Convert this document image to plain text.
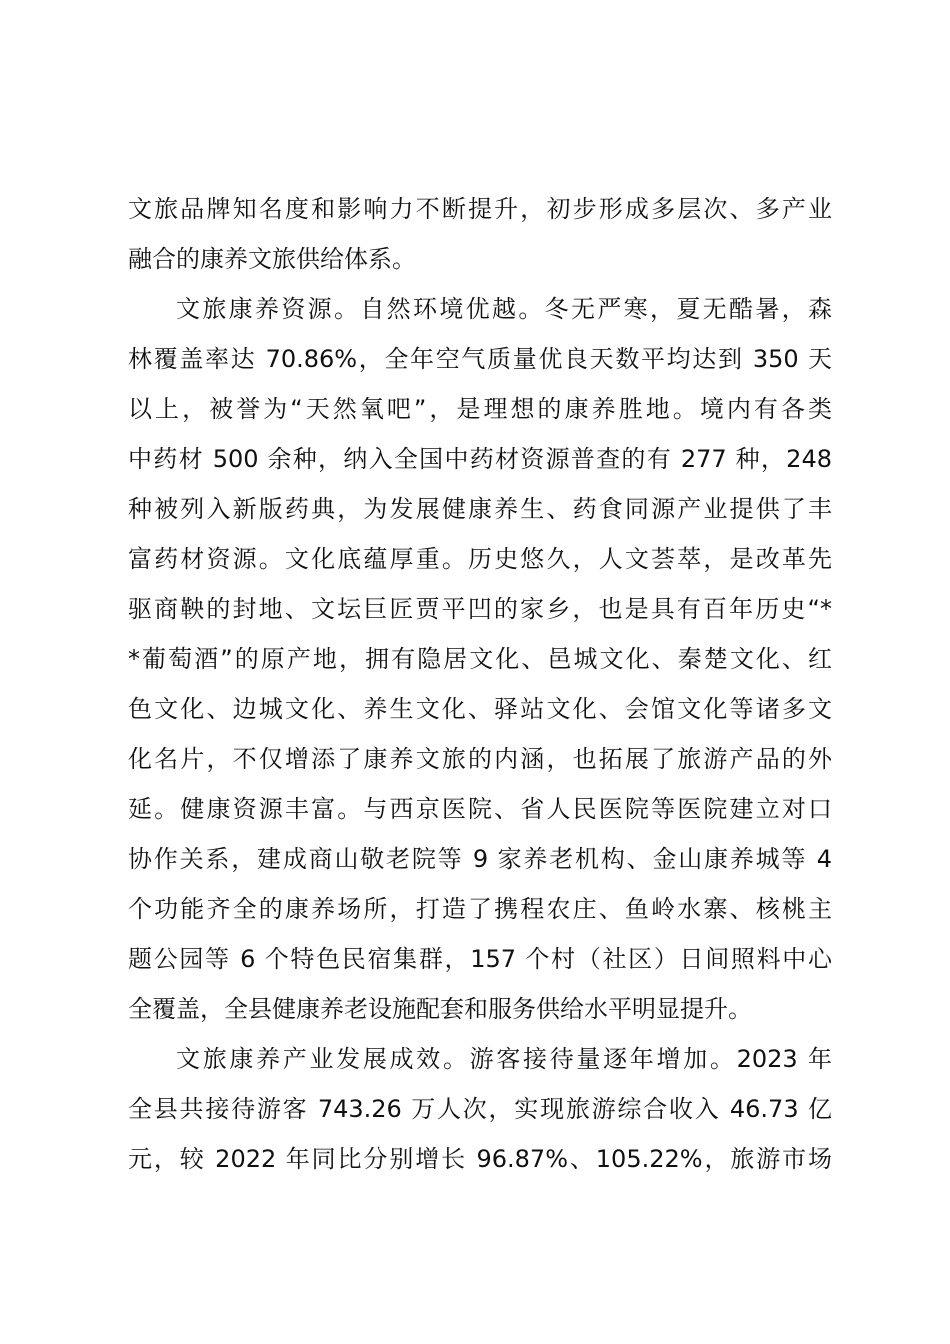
文旅品牌知名度和影响力不断提升，初步形成多层次、多产业
融合的康养文旅供给体系。

文旅康养资源。自然环境优越。冬无严寒，夏无酷暑，森
林覆盖率达 70.86%，全年空气质量优良天数平均达到 350 天
以上，被誉为“天然氧吧”，是理想的康养胜地。境内有各类
中药材 500 余种，纳入全国中药材资源普查的有 277 种，248
种被列入新版药典，为发展健康养生、药食同源产业提供了丰
富药材资源。文化底蕴厚重。历史悠久，人文荟萃，是改革先
驱商鞅的封地、文坛巨匠贾平凹的家乡，也是具有百年历史“*
*葡萄酒”的原产地，拥有隐居文化、邑城文化、秦楚文化、红
色文化、边城文化、养生文化、驿站文化、会馆文化等诸多文
化名片，不仅增添了康养文旅的内涵，也拓展了旅游产品的外
延。健康资源丰富。与西京医院、省人民医院等医院建立对口
协作关系，建成商山敬老院等 9 家养老机构、金山康养城等 4
个功能齐全的康养场所，打造了携程农庄、鱼岭水寨、核桃主
题公园等 6 个特色民宿集群，157 个村（社区）日间照料中心
全覆盖，全县健康养老设施配套和服务供给水平明显提升。

文旅康养产业发展成效。游客接待量逐年增加。2023 年
全县共接待游客 743.26 万人次，实现旅游综合收入 46.73 亿
元，较 2022 年同比分别增长 96.87%、105.22%，旅游市场
